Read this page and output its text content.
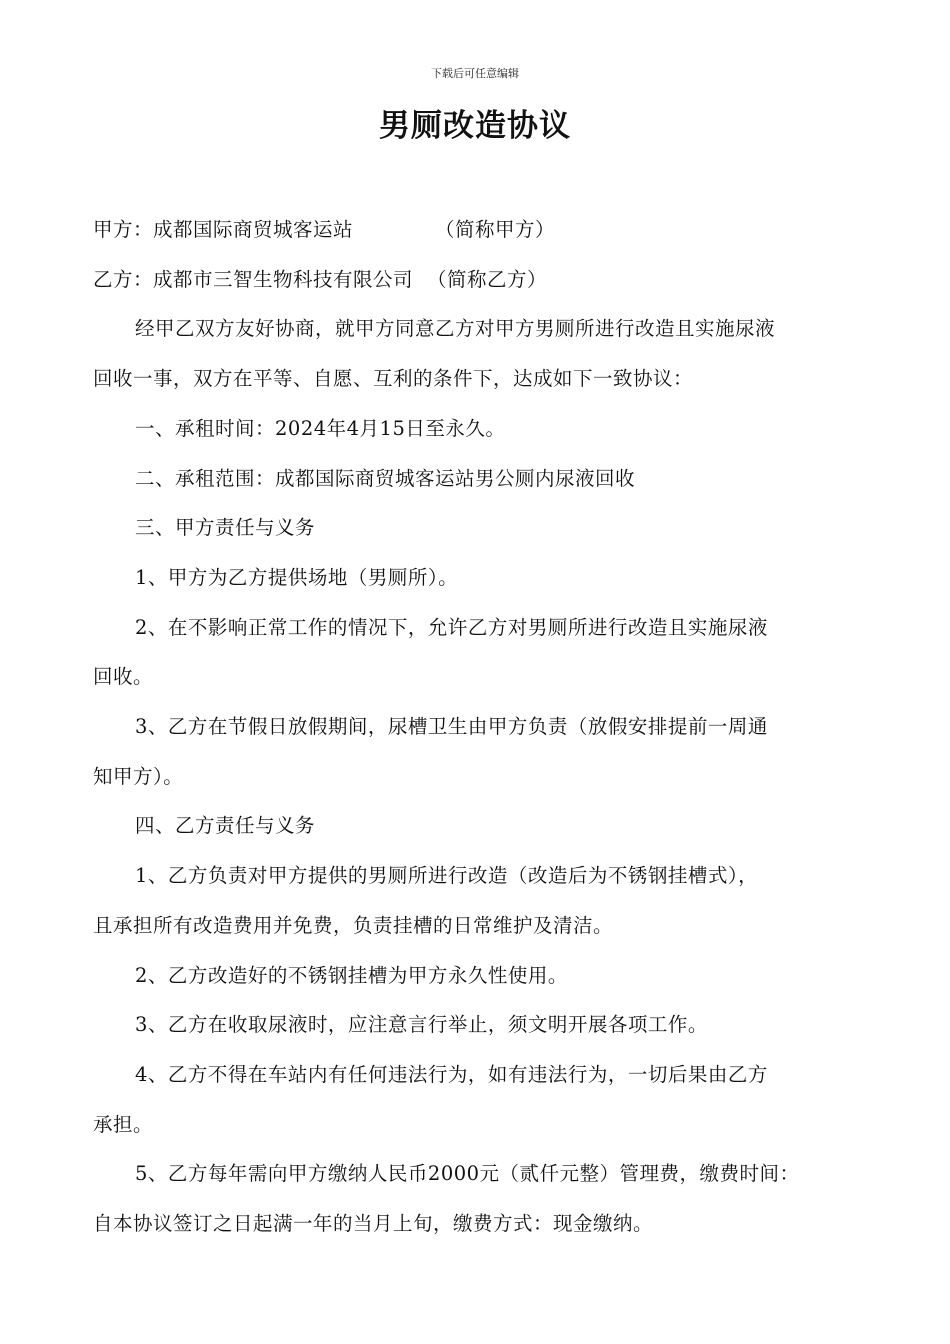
下载后可任意编辑
男厕改造协议
甲方：成都国际商贸城客运站	（简称甲方）
乙方：成都市三智生物科技有限公司 （简称乙方）
经甲乙双方友好协商，就甲方同意乙方对甲方男厕所进行改造且实施尿液
回收一事，双方在平等、自愿、互利的条件下，达成如下一致协议：
一、承租时间：2024年4月15日至永久。
二、承租范围：成都国际商贸城客运站男公厕内尿液回收
三、甲方责任与义务
1、甲方为乙方提供场地（男厕所）。
2、在不影响正常工作的情况下，允许乙方对男厕所进行改造且实施尿液
回收。
3、乙方在节假日放假期间，尿槽卫生由甲方负责（放假安排提前一周通
知甲方）。
四、乙方责任与义务
1、乙方负责对甲方提供的男厕所进行改造（改造后为不锈钢挂槽式），
且承担所有改造费用并免费，负责挂槽的日常维护及清洁。
2、乙方改造好的不锈钢挂槽为甲方永久性使用。
3、乙方在收取尿液时，应注意言行举止，须文明开展各项工作。
4、乙方不得在车站内有任何违法行为，如有违法行为，一切后果由乙方
承担。
5、乙方每年需向甲方缴纳人民币2000元（贰仟元整）管理费，缴费时间：
自本协议签订之日起满一年的当月上旬，缴费方式：现金缴纳。
